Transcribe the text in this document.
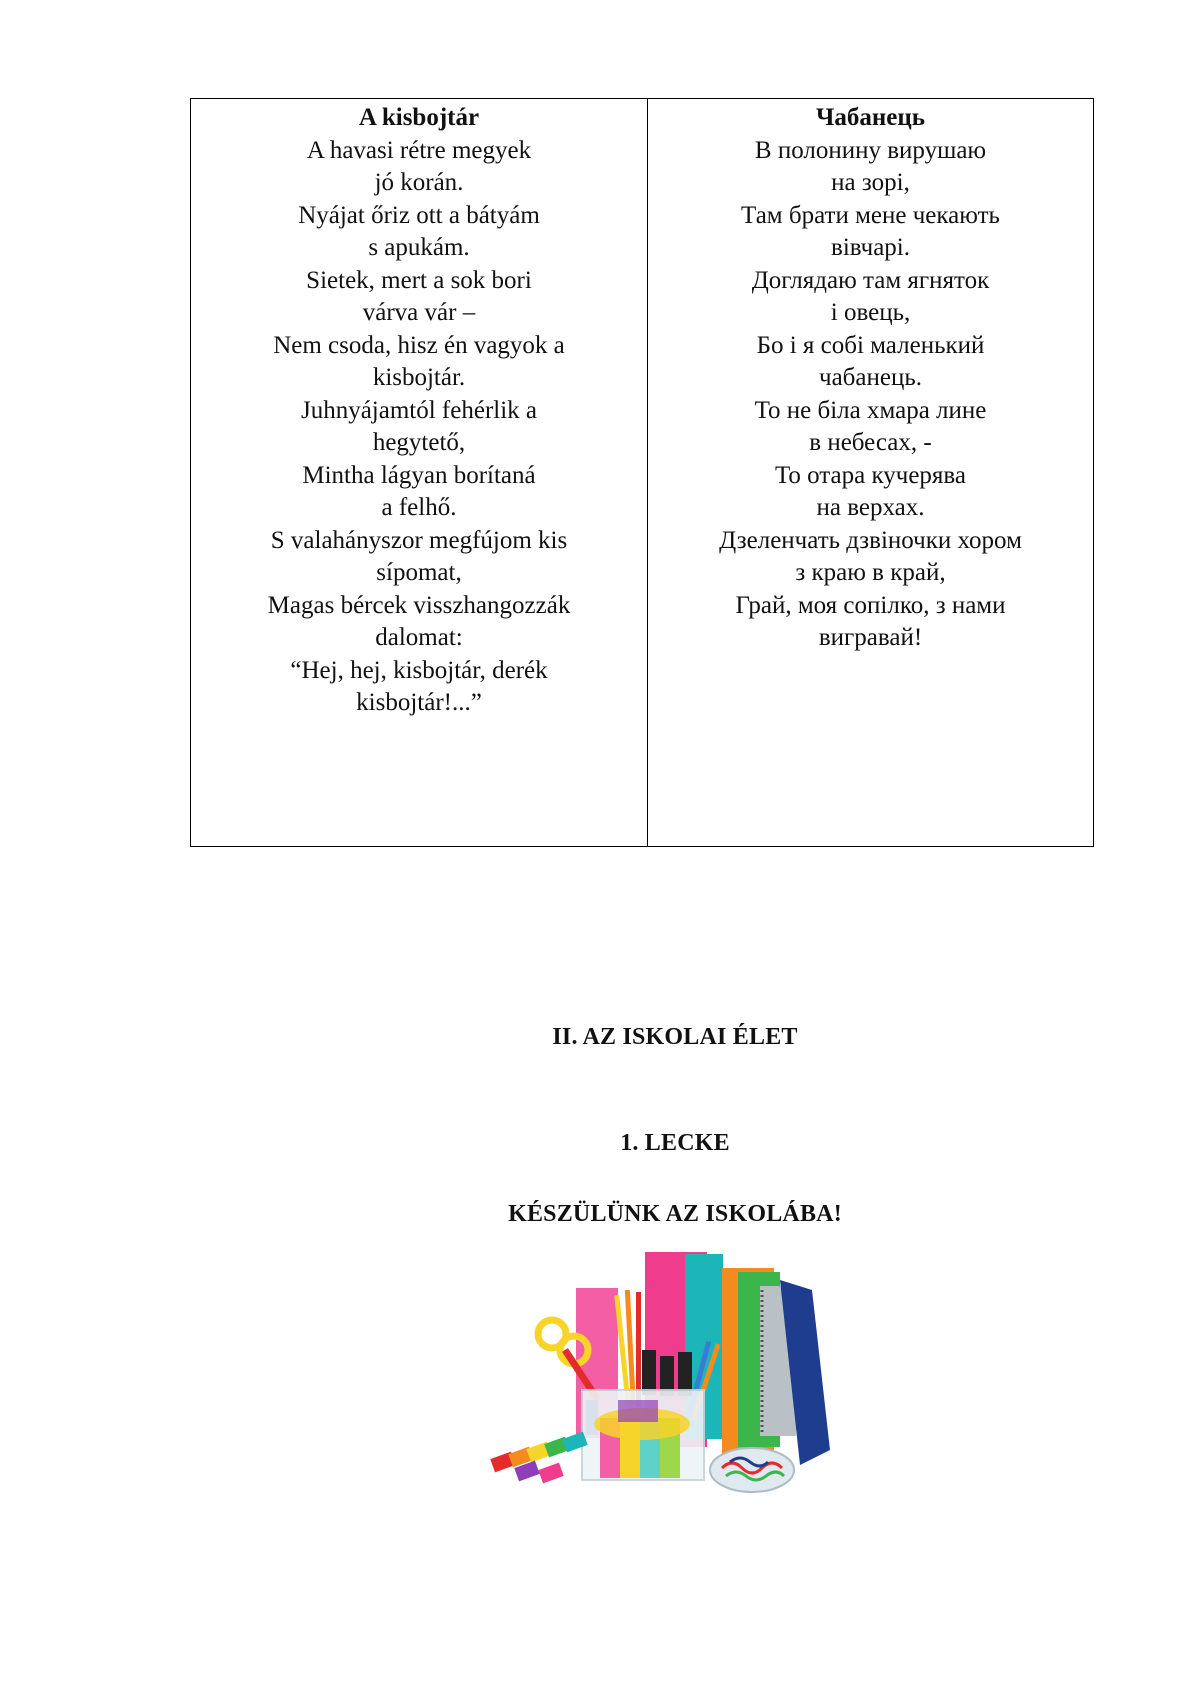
A kisbojtár
A havasi rétre megyek
jó korán.
Nyájat őriz ott a bátyám
s apukám.
Sietek, mert a sok bori
várva vár –
Nem csoda, hisz én vagyok a
kisbojtár.
Juhnyájamtól fehérlik a
hegytető,
Mintha lágyan borítaná
a felhő.
S valahányszor megfújom kis
sípomat,
Magas bércek visszhangozzák
dalomat:
“Hej, hej, kisbojtár, derék
kisbojtár!...”
Чабанець
В полонину вирушаю
на зорі,
Там брати мене чекають
вівчарі.
Доглядаю там ягняток
і овець,
Бо і я собі маленький
чабанець.
То не біла хмара лине
в небесах, -
То отара кучерява
на верхах.
Дзеленчать дзвіночки хором
з краю в край,
Грай, моя сопілко, з нами
вигравай!
II. AZ ISKOLAI ÉLET
1. LECKE
KÉSZÜLÜNK AZ ISKOLÁBA!
